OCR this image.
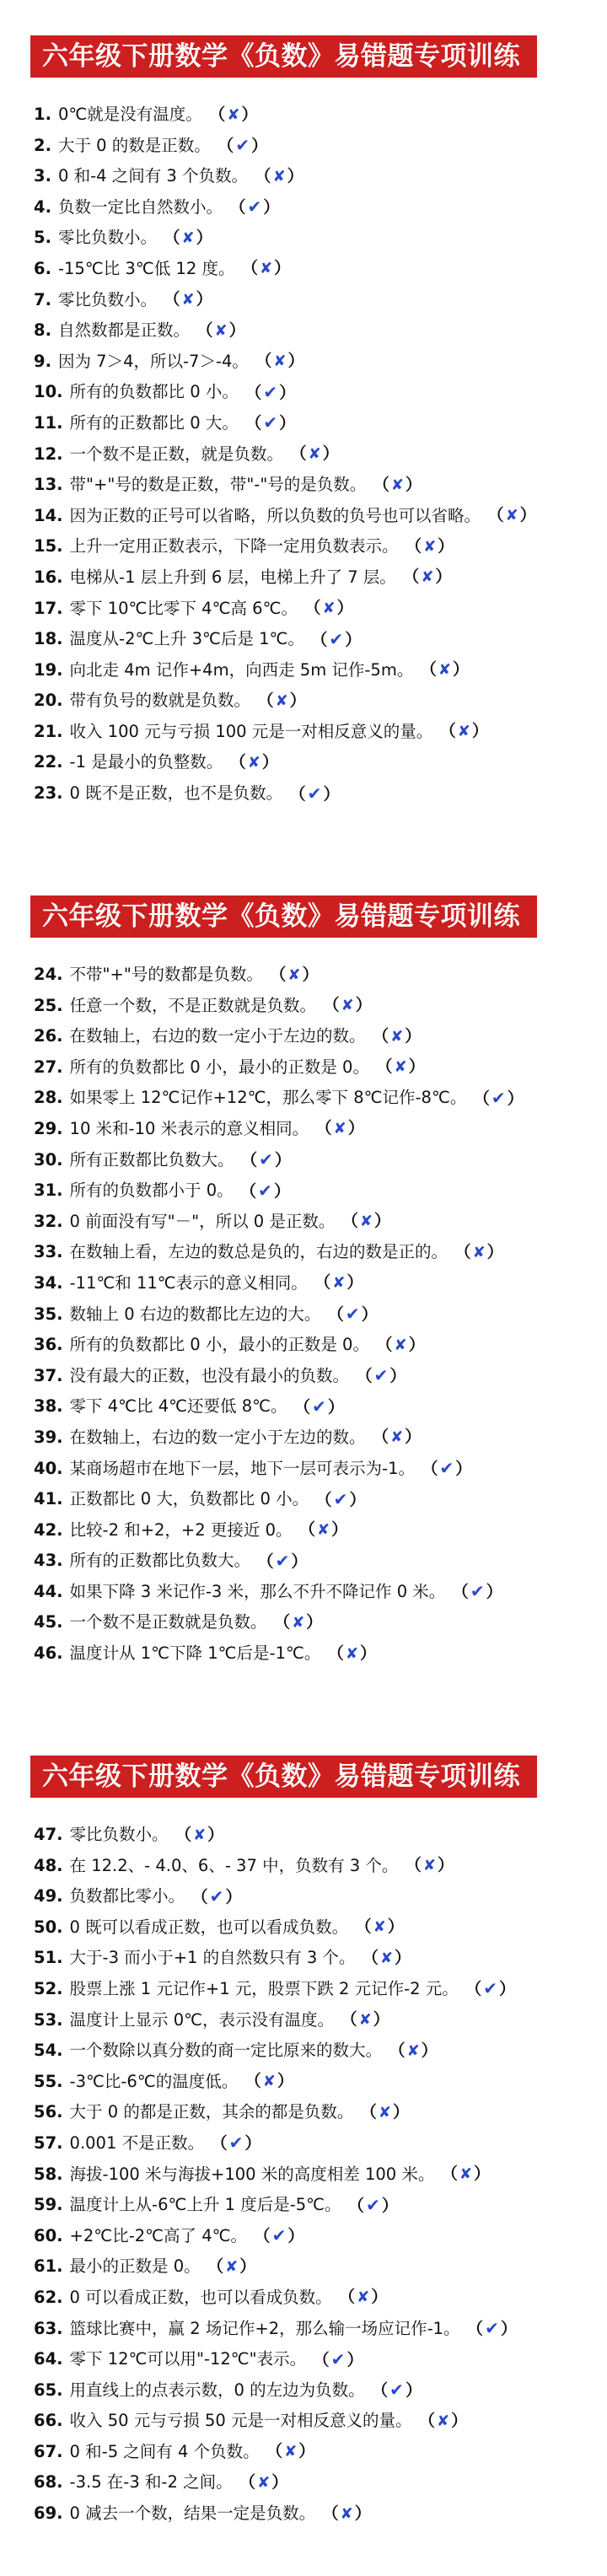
六年级下册数学《负数》易错题专项训练
1. 0℃就是没有温度。 （ ✘ ）
2. 大于 0 的数是正数。 （ ✔ ）
3. 0 和-4 之间有 3 个负数。 （ ✘ ）
4. 负数一定比自然数小。 （ ✔ ）
5. 零比负数小。 （ ✘ ）
6. -15℃比 3℃低 12 度。 （ ✘ ）
7. 零比负数小。 （ ✘ ）
8. 自然数都是正数。 （ ✘ ）
9. 因为 7＞4，所以-7＞-4。 （ ✘ ）
10. 所有的负数都比 0 小。 （ ✔ ）
11. 所有的正数都比 0 大。 （ ✔ ）
12. 一个数不是正数，就是负数。 （ ✘ ）
13. 带"+"号的数是正数，带"-"号的是负数。 （ ✘ ）
14. 因为正数的正号可以省略，所以负数的负号也可以省略。 （ ✘ ）
15. 上升一定用正数表示，下降一定用负数表示。 （ ✘ ）
16. 电梯从-1 层上升到 6 层，电梯上升了 7 层。 （ ✘ ）
17. 零下 10℃比零下 4℃高 6℃。 （ ✘ ）
18. 温度从-2℃上升 3℃后是 1℃。 （ ✔ ）
19. 向北走 4m 记作+4m，向西走 5m 记作-5m。 （ ✘ ）
20. 带有负号的数就是负数。 （ ✘ ）
21. 收入 100 元与亏损 100 元是一对相反意义的量。 （ ✘ ）
22. -1 是最小的负整数。 （ ✘ ）
23. 0 既不是正数，也不是负数。 （ ✔ ）
六年级下册数学《负数》易错题专项训练
24. 不带"+"号的数都是负数。 （ ✘ ）
25. 任意一个数，不是正数就是负数。 （ ✘ ）
26. 在数轴上，右边的数一定小于左边的数。 （ ✘ ）
27. 所有的负数都比 0 小，最小的正数是 0。 （ ✘ ）
28. 如果零上 12℃记作+12℃，那么零下 8℃记作-8℃。 （ ✔ ）
29. 10 米和-10 米表示的意义相同。 （ ✘ ）
30. 所有正数都比负数大。 （ ✔ ）
31. 所有的负数都小于 0。 （ ✔ ）
32. 0 前面没有写"－"，所以 0 是正数。 （ ✘ ）
33. 在数轴上看，左边的数总是负的，右边的数是正的。 （ ✘ ）
34. -11℃和 11℃表示的意义相同。 （ ✘ ）
35. 数轴上 0 右边的数都比左边的大。 （ ✔ ）
36. 所有的负数都比 0 小，最小的正数是 0。 （ ✘ ）
37. 没有最大的正数，也没有最小的负数。 （ ✔ ）
38. 零下 4℃比 4℃还要低 8℃。 （ ✔ ）
39. 在数轴上，右边的数一定小于左边的数。 （ ✘ ）
40. 某商场超市在地下一层，地下一层可表示为-1。 （ ✔ ）
41. 正数都比 0 大，负数都比 0 小。 （ ✔ ）
42. 比较-2 和+2，+2 更接近 0。 （ ✘ ）
43. 所有的正数都比负数大。 （ ✔ ）
44. 如果下降 3 米记作-3 米，那么不升不降记作 0 米。 （ ✔ ）
45. 一个数不是正数就是负数。 （ ✘ ）
46. 温度计从 1℃下降 1℃后是-1℃。 （ ✘ ）
六年级下册数学《负数》易错题专项训练
47. 零比负数小。 （ ✘ ）
48. 在 12.2、- 4.0、6、- 37 中，负数有 3 个。 （ ✘ ）
49. 负数都比零小。 （ ✔ ）
50. 0 既可以看成正数，也可以看成负数。 （ ✘ ）
51. 大于-3 而小于+1 的自然数只有 3 个。 （ ✘ ）
52. 股票上涨 1 元记作+1 元，股票下跌 2 元记作-2 元。 （ ✔ ）
53. 温度计上显示 0℃，表示没有温度。 （ ✘ ）
54. 一个数除以真分数的商一定比原来的数大。 （ ✘ ）
55. -3℃比-6℃的温度低。 （ ✘ ）
56. 大于 0 的都是正数，其余的都是负数。 （ ✘ ）
57. 0.001 不是正数。 （ ✔ ）
58. 海拔-100 米与海拔+100 米的高度相差 100 米。 （ ✘ ）
59. 温度计上从-6℃上升 1 度后是-5℃。 （ ✔ ）
60. +2℃比-2℃高了 4℃。 （ ✔ ）
61. 最小的正数是 0。 （ ✘ ）
62. 0 可以看成正数，也可以看成负数。 （ ✘ ）
63. 篮球比赛中，赢 2 场记作+2，那么输一场应记作-1。 （ ✔ ）
64. 零下 12℃可以用"-12℃"表示。 （ ✔ ）
65. 用直线上的点表示数，0 的左边为负数。 （ ✔ ）
66. 收入 50 元与亏损 50 元是一对相反意义的量。 （ ✘ ）
67. 0 和-5 之间有 4 个负数。 （ ✘ ）
68. -3.5 在-3 和-2 之间。 （ ✘ ）
69. 0 减去一个数，结果一定是负数。 （ ✘ ）
